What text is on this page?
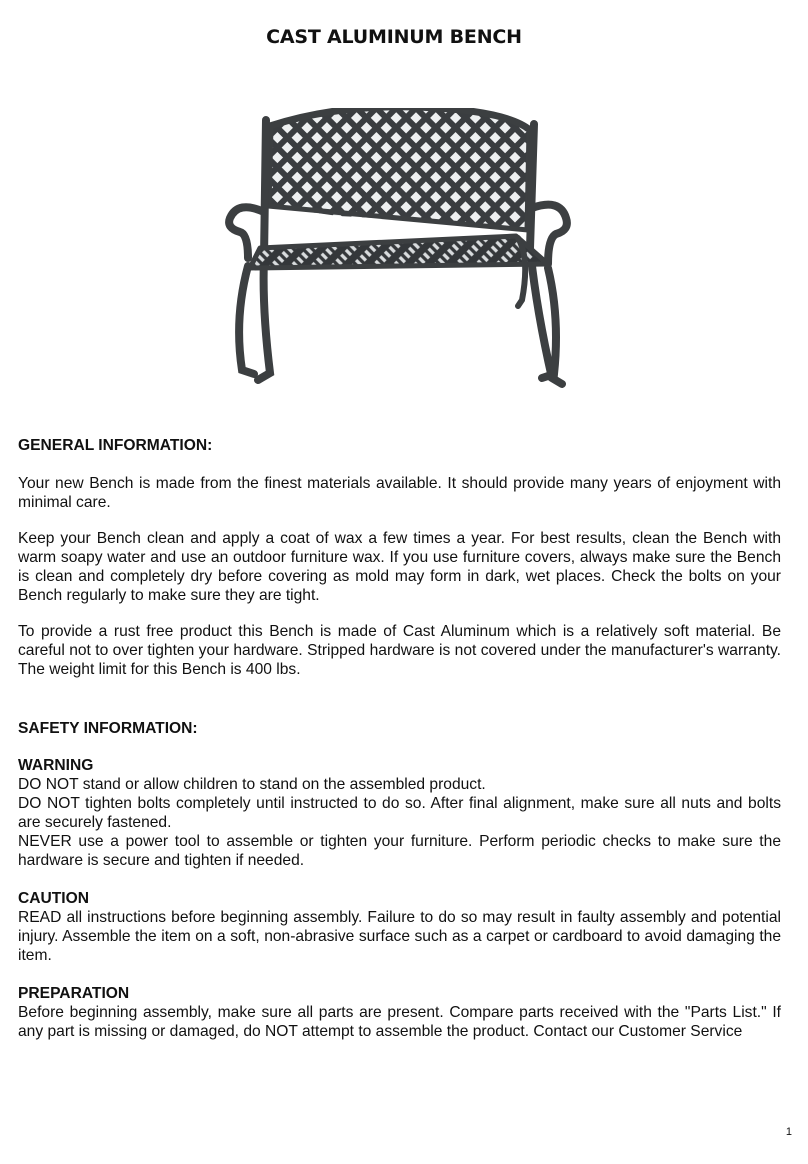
CAST ALUMINUM BENCH

GENERAL INFORMATION:

Your new Bench is made from the finest materials available. It should provide many years of enjoyment with minimal care.

Keep your Bench clean and apply a coat of wax a few times a year. For best results, clean the Bench with warm soapy water and use an outdoor furniture wax. If you use furniture covers, always make sure the Bench is clean and completely dry before covering as mold may form in dark, wet places. Check the bolts on your Bench regularly to make sure they are tight.

To provide a rust free product this Bench is made of Cast Aluminum which is a relatively soft material. Be careful not to over tighten your hardware. Stripped hardware is not covered under the manufacturer's warranty. The weight limit for this Bench is 400 lbs.

SAFETY INFORMATION:

WARNING

DO NOT stand or allow children to stand on the assembled product.

DO NOT tighten bolts completely until instructed to do so. After final alignment, make sure all nuts and bolts are securely fastened.

NEVER use a power tool to assemble or tighten your furniture. Perform periodic checks to make sure the hardware is secure and tighten if needed.

CAUTION

READ all instructions before beginning assembly. Failure to do so may result in faulty assembly and potential injury. Assemble the item on a soft, non-abrasive surface such as a carpet or cardboard to avoid damaging the item.

PREPARATION

Before beginning assembly, make sure all parts are present. Compare parts received with the "Parts List." If any part is missing or damaged, do NOT attempt to assemble the product. Contact our Customer Service

1
